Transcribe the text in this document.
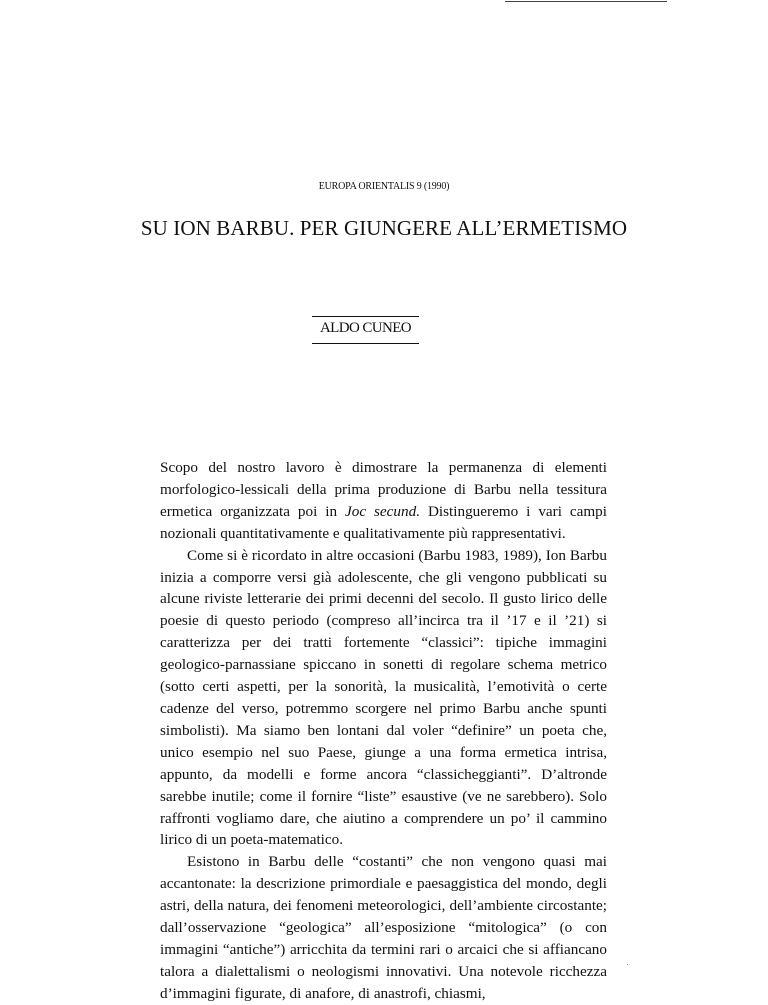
EUROPA ORIENTALIS 9 (1990)
SU ION BARBU. PER GIUNGERE ALL’ERMETISMO
ALDO CUNEO

Scopo del nostro lavoro è dimostrare la permanenza di elementi morfologico-lessicali della prima produzione di Barbu nella tessitura ermetica organizzata poi in Joc secund. Distingueremo i vari campi nozionali quantitativamente e qualitativamente più rappresentativi.

Come si è ricordato in altre occasioni (Barbu 1983, 1989), Ion Barbu inizia a comporre versi già adolescente, che gli vengono pubblicati su alcune riviste letterarie dei primi decenni del secolo. Il gusto lirico delle poesie di questo periodo (compreso all’incirca tra il ’17 e il ’21) si caratterizza per dei tratti fortemente “classici”: tipiche immagini geologico-parnassiane spiccano in sonetti di regolare schema metrico (sotto certi aspetti, per la sonorità, la musicalità, l’emotività o certe cadenze del verso, potremmo scorgere nel primo Barbu anche spunti simbolisti). Ma siamo ben lontani dal voler “definire” un poeta che, unico esempio nel suo Paese, giunge a una forma ermetica intrisa, appunto, da modelli e forme ancora “classicheggianti”. D’altronde sarebbe inutile; come il fornire “liste” esaustive (ve ne sarebbero). Solo raffronti vogliamo dare, che aiutino a comprendere un po’ il cammino lirico di un poeta-matematico.

Esistono in Barbu delle “costanti” che non vengono quasi mai accantonate: la descrizione primordiale e paesaggistica del mondo, degli astri, della natura, dei fenomeni meteorologici, dell’ambiente circostante; dall’osservazione “geologica” all’esposizione “mitologica” (o con immagini “antiche”) arricchita da termini rari o arcaici che si affiancano talora a dialettalismi o neologismi innovativi. Una notevole ricchezza d’immagini figurate, di anafore, di anastrofi, chiasmi,
